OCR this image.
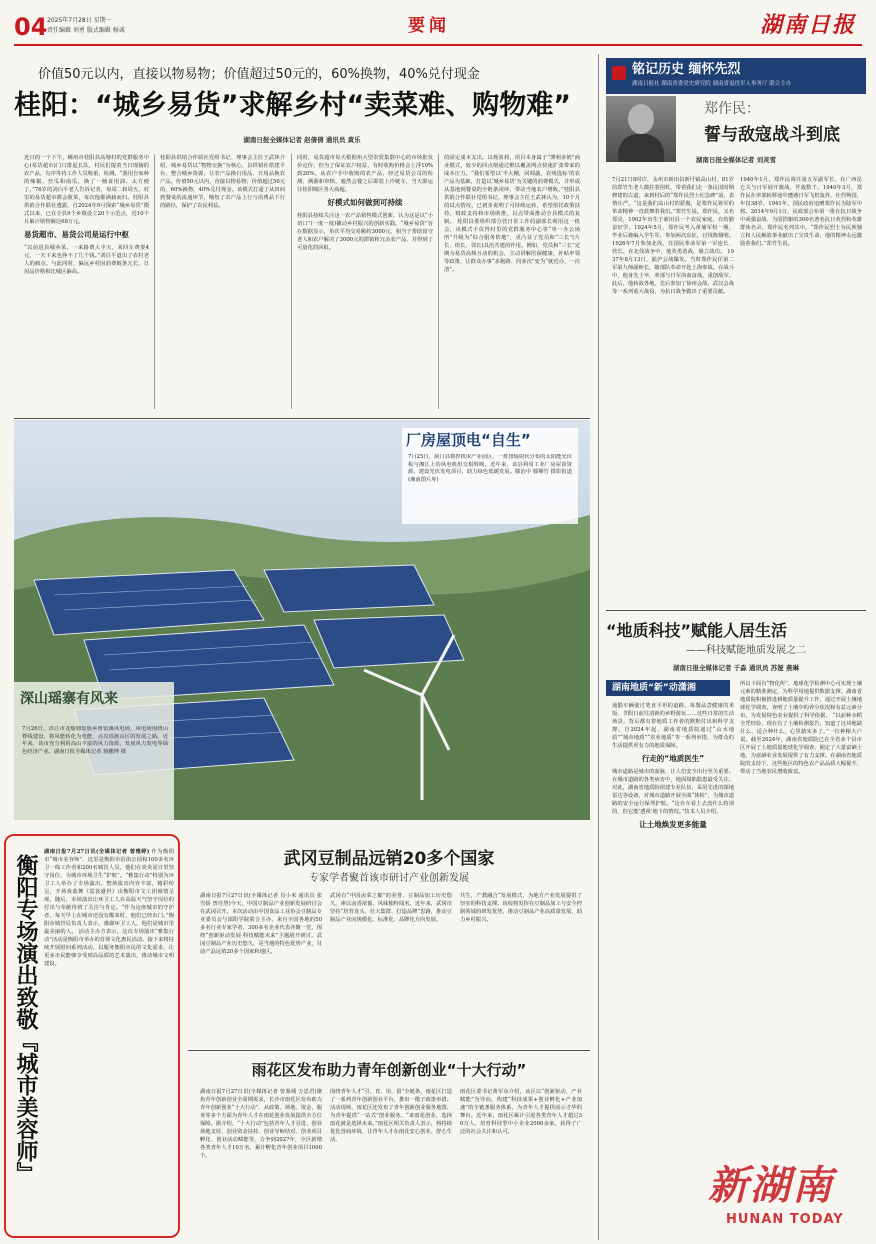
04 2025年7月28日 星期一
责任编辑 刘勇 版式编辑 杨诚	要闻	湖南日报
价值50元以内，直接以物易物；价值超过50元的，60%换物，40%兑付现金
桂阳：“城乡易货”求解乡村“卖菜难、购物难”
湖南日报全媒体记者 赵倩倩 通讯员 黄乐
近日的一个下午，郴州市桂阳县高塘村的党群服务中心(易货超市)门口排起长队，村民们提着当日现摘的农产品，有序等待工作人员称重、检测。“我用自家种的辣椒、丝瓜和南瓜，换了一桶食用油，太方便了。”76岁的刘白平老人告诉记者，每周二和周五，村里的易货超市都会收菜，每次他都满载而归。桂阳县供销合作联社透露，自2024年9月探索“城乡易货”模式以来，已在全县9个乡镇设立20个示范点，近10个月累计销售额达68万元。
易货超市、易货公司是运行中枢
“以前进县城卖菜，一来路费大半天，来回车费要4元，一天下来也挣不了几个钱。”刘白平道出了农村老人的痛点。与此同时，偏远乡村因消费链条冗长，日用品价格相比城区偏高。
桂阳县供销合作联社党组书记、理事会主任王武林介绍，城乡易货以“物物交换”为核心，县供销社搭建平台，整合城乡资源，让农产品换日用品、日用品换农产品。价值50元以内，直接以物易物；价值超过50元的，60%换物，40%兑付现金。该模式打通了从田间到餐桌的流通环节，缩短了农产品上行与消费品下行的路径，保护了农民利益。
同时，易货超市每天根据州大型农贸集散中心的市场批发价定价，但为了保证农户权益，有时收购价格会上浮10%到20%。从农户手中收购的农产品，经过易货公司的检测、溯源和审核，毅然会餐之后即装上冷链车，当天即运往桂阳城区各大商超。
好模式如何做到可持续
桂阳县持续关注这一农产品销售模式创新，认为这是以“小切口”(一度一度)撬动乡村振兴的创新实践。“城乡易货”旨在数据显示，单次平均交易额约3000元，相当于帮助留守老人和农户解决了3000元的滞销和冗余农产品，并得到了可量化的回报。
的固定成本支出。以观盈利，项目本身属于“薄利多销”商业模式，较少的回点则通过维以覆盖网点快速扩张带来的成本压力。“我们希望以‘半大棚，同调蔬，农残选标’的农产品为基础，打造以‘城乡易货’为关键的消费模式，并形成从基地到餐桌的全链条闭环，带动当地农户增收。”桂阳县供销合作联社党组书记、理事会主任王武林认为，10个月的试点情况，已初步说明了可持续运转，希望依托政策扶持、财政支持和市场助推，以点带面推动全县模式的复制。 桂阳县委组织部分管日常工作的副部长利用这一机会，该模式不仅得村里的党群服务中心等“单一办公场所”升级为“综合服务阵地”，更凸显了党员和“三长”(片长、组长、邻长)具治共建的作用。例如，党员和“三长”定期为易货高频互动的机会，主动讲解医保健康、补贴申领等政策，让群众办事“多跑路、同多次”变为“就近办、一次清”。
厂房屋顶电“自生”
7月25日，洞口县数控机床产业园区，一排排辐射状分布的太阳能光伏板与湘江上的风电机组交相辉映。近年来，该县利用工业厂房屋顶资源，建设光伏发电项目，助力绿色低碳发展。滕治中 滕柳竹 摄影报道(湘南图片库)
深山瑶寨有风来
7月26日，洪江市龙船塘瑶族乡鲁留溪风电场，风电场围绕山脊线建设，将风能转化为电能，点亮瑶族山区的发展之路。近年来，该市充分利用高山丰富的风力资源，发展风力发电等绿色经济产业。湖南日报全媒体记者 蒋鹏博 摄
衡阳专场演出致敬『城市美容师』
湖南日报7月27日讯(全媒体记者 曾雅婷) 作为衡阳市“城市美容师”，这里是衡阳市沿街公园和100多名环卫一线工作者和200名城管人员，他们在炎炎夏日里坚守岗位，为城市环境卫生“护航”。“雅集行动”特别为环卫工人举办了专场演出。整场演出内容丰富，精彩纷呈，开场戏曲舞《霓裳盛世》由衡阳市文工团倾情呈现。随后，本场演出让环卫工人在高温天气坚守岗位的付出与奉献得到了关注与肯定。“作为这座城市的守护者，每天早上在城市还没有醒来时，他们已经出门。”衡阳市城管局负责人表示，感谢环卫工人，他们是城市里最美丽的人。 活动主办方表示，这次专场演出“雅集行动”活动是衡阳市举办的首场文化惠民活动。接下来将持续开展慰问系列活动，以服务衡阳市民的文化需求，让更多市民能够享受到高品质的艺术演出，推动城市文明建设。
武冈豆制品远销20多个国家
专家学者聚首该市研讨产业创新发展
湖南日报7月27日讯(全媒体记者 肖小米 通讯员 张雪娇 曾佳慧)今天，中国豆制品产业创新发展研讨会在武冈召开。本次活动由中国食品工业协会豆制品专业委员会与邵阳学院联合主办，来自全国各地的50多名行业专家学者、300多名企业代表齐聚一堂，围绕“创新驱动发展·科技赋能未来”主题展开研讨。武冈豆制品产业历史悠久，是当地的特色优势产业，目前产品远销20多个国家和地区。
武冈有“中国卤菜之都”的美誉，豆制品加工历史悠久，素以卤香浓郁、风味独特闻名。近年来，武冈市坚持“培育龙头、壮大集群、打造品牌”思路，推动豆制品产业向规模化、标准化、品牌化方向发展。
共生，产教融合“发展模式，为地方产业发展提供了坚实的科技支撑。该校将发挥在豆制品加工与安全控制领域的研发优势，推动豆制品产业高质量发展，助力乡村振兴。
雨花区发布助力青年创新创业“十大行动”
湖南日报7月27日讯(全媒体记者 曾鉴瑀 万思君)聚焦青年创新创业全周期需求，长沙市雨花区发布助力青年创新创业“十大行动”，从政策、场地、资金、服务等多个方面为青年人才在雨花创业发展提供全方位保障。据介绍，“十大行动”包括青年人才引进、创业场地支持、创业资金扶持、创业导师结对、创业项目孵化、创业活动赋能等，力争到2027年，全区新增各类青年人才10万名，累计孵化青年创业项目1000个。
围绕青年人才“引、育、用、留”全链条，雨花区打造了一系列青年创新创业平台，推出一揽子政策举措。活动现场，雨花区还发布了青年创新创业服务地图，为青年提供“一站式”创业服务。“来雨花创业，选择雨花就是选择未来。”雨花区相关负责人表示，将持续优化营商环境，让青年人才在雨花安心创业、舒心生活。
雨花区委书记黄军东介绍，该区以“创新驱动，产业赋能”为导向，构建“科技成果+创业孵化+产业加速”的全链条服务体系，为青年人才提供展示才华的舞台。近年来，雨花区累计引进各类青年人才超过30万人，培育科技型中小企业2000余家，获得了广泛的社会关注和认可。
铭记历史 缅怀先烈
湖南日报社 湖南省委党史研究院 湖南省退役军人事务厅 联合主办
郑作民：
誓与敌寇战斗到底
湖南日报全媒体记者 刘灵雪
7月21日8时许，永州市新田县新圩镇高山村，81岁的郑竹生老人微拄着拐杖，带着我们走一条民国时期修建的古道，来到村后的“郑作民烈士纪念碑”前，表情庄严。“这是我们高山村的骄傲，是郑作民将军的革命精神一直鼓舞着我们。”郑竹生说。郑作民，又名郑亮，1902年出生于新田县一个农民家庭，自幼勤奋好学。1924年5月，郑作民考入黄埔军校一期，毕业后被编入学生军，参加两次东征，讨伐陈炯明。1926年7月参加北伐，任国民革命军第一军连长、营长。在北伐战争中，他英勇善战，屡立战功。 1937年8月13日，淞沪会战爆发。当时郑作民任第二军第九师副师长，随部队奉命开赴上海参战。在战斗中，他身先士卒，率部与日军浴血奋战，重创敌军。此后，他转战各地，先后参加了徐州会战、武汉会战等一系列重大战役，为抗日战争做出了重要贡献。
1940年1月，郑作民调任第五军副军长，在广西昆仑关与日军展开激战，歼敌数千。1940年3月，郑作民在率部转移途中遭遇日军飞机轰炸，壮烈殉国，年仅38岁。1941年，国民政府追赠郑作民为陆军中将。2014年9月1日，民政部公布第一批在抗日战争中顽强奋战、为国捐躯的300名著名抗日英烈和英雄群体名录，郑作民名列其中。“郑作民烈士为民族独立和人民解放事业献出了宝贵生命，他的精神永远激励着我们。”郑竹生说。
“地质科技”赋能人居生活
——科技赋能地质发展之二
湖南日报全媒体记者 于淼 通讯员 苏娅 燕琳
湖南地质“新”动潇湘
通勤车辆驶过笔直平坦的道路，每餐品尝健康的米饭，节假日前往清新的乡野游玩……这些日常的生活场景，背后都有着地质工作者的默默付出和科学支撑。自2024年起，湖南省地质院通过“山水地质”“城市地质”“农业地质”等一系列举措，为群众的生活提供更有力的地质保障。
行走的“地质医生”
城市道路是城市的血脉，让人们安全出行至关重要。在城市道路的各类病害中，地面塌陷隐患最受关注。对此，湖南省地质院组建专业队伍，采用先进的探地雷达等设备，对城市道路开展全面“体检”，为城市道路的安全运行保驾护航。“这台车看上去没什么特别的，但它能‘透视’地下的情况。”技术人员介绍。
让土地焕发更多能量
所以下面有“物化所”，地球化学检测中心可实现土壤元素的精准测定，为科学用地提供数据支撑。湖南省地质院积极推进耕地质量提升工作，通过开展土壤地球化学调查，查明了土壤中的养分状况和有益元素分布，为发展特色农业提供了科学依据。 “以前种水稻全凭经验，现在有了土壤检测报告，知道了这块地缺什么、适合种什么，心里踏实多了。”一位种粮大户说。截至2024年，湖南省地质院已在全省多个县市区开展了土地质量地球化学调查，圈定了大量富硒土地，为富硒农业发展提供了有力支撑。在湖南省地质院的支持下，这些地区的特色农产品品质大幅提升，带动了当地农民增收致富。
新湖南
HUNAN TODAY
